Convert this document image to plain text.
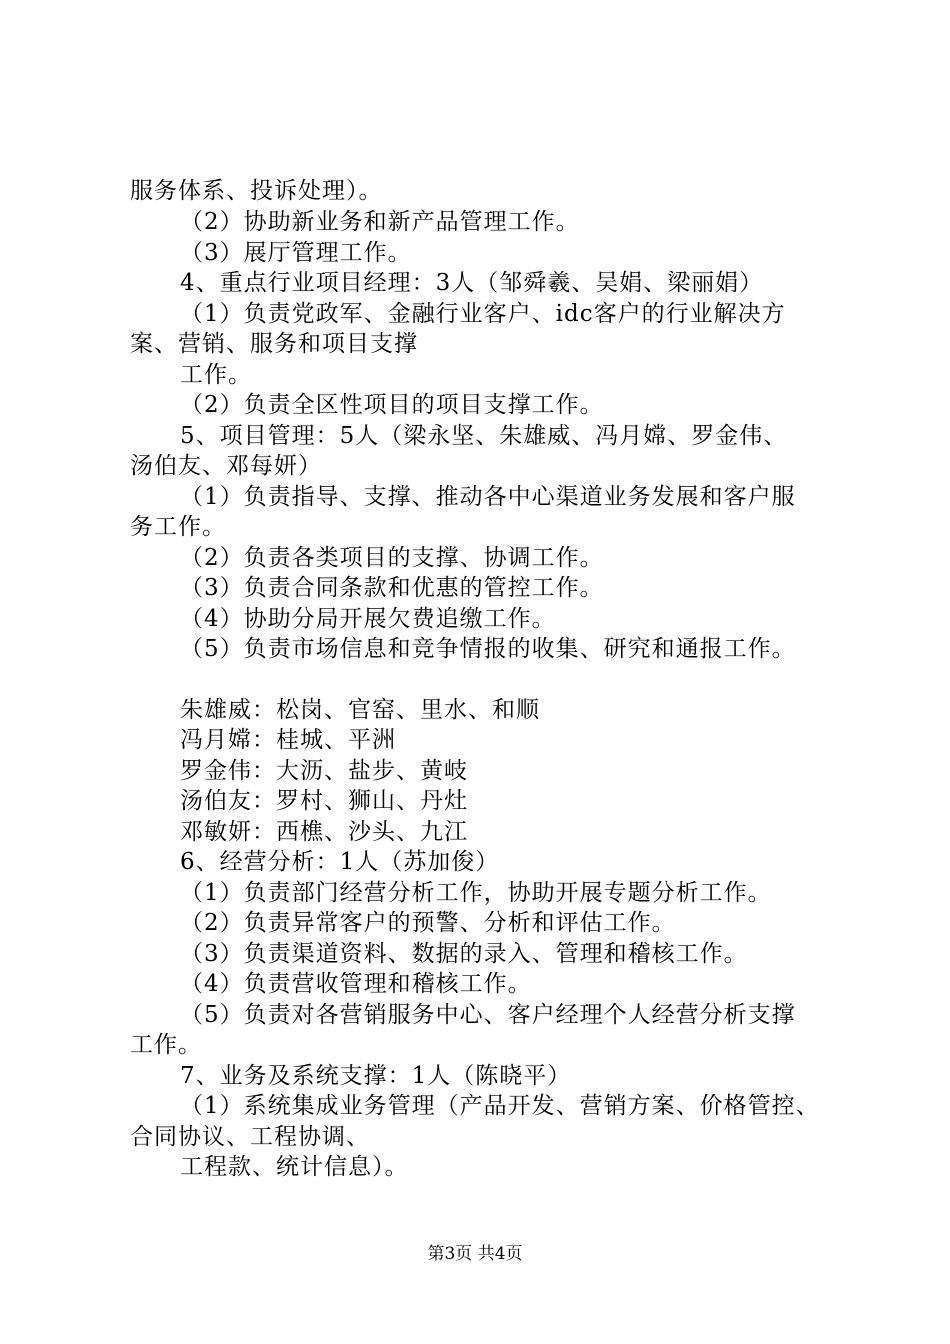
服务体系、投诉处理）。
（2）协助新业务和新产品管理工作。
（3）展厅管理工作。
4、重点行业项目经理：3人（邹舜羲、吴娟、梁丽娟）
（1）负责党政军、金融行业客户、idc客户的行业解决方
案、营销、服务和项目支撑
工作。
（2）负责全区性项目的项目支撑工作。
5、项目管理：5人（梁永坚、朱雄威、冯月嫦、罗金伟、
汤伯友、邓每妍）
（1）负责指导、支撑、推动各中心渠道业务发展和客户服
务工作。
（2）负责各类项目的支撑、协调工作。
（3）负责合同条款和优惠的管控工作。
（4）协助分局开展欠费追缴工作。
（5）负责市场信息和竞争情报的收集、研究和通报工作。
朱雄威：松岗、官窑、里水、和顺
冯月嫦：桂城、平洲
罗金伟：大沥、盐步、黄岐
汤伯友：罗村、狮山、丹灶
邓敏妍：西樵、沙头、九江
6、经营分析：1人（苏加俊）
（1）负责部门经营分析工作，协助开展专题分析工作。
（2）负责异常客户的预警、分析和评估工作。
（3）负责渠道资料、数据的录入、管理和稽核工作。
（4）负责营收管理和稽核工作。
（5）负责对各营销服务中心、客户经理个人经营分析支撑
工作。
7、业务及系统支撑：1人（陈晓平）
（1）系统集成业务管理（产品开发、营销方案、价格管控、
合同协议、工程协调、
工程款、统计信息）。
第3页 共4页
